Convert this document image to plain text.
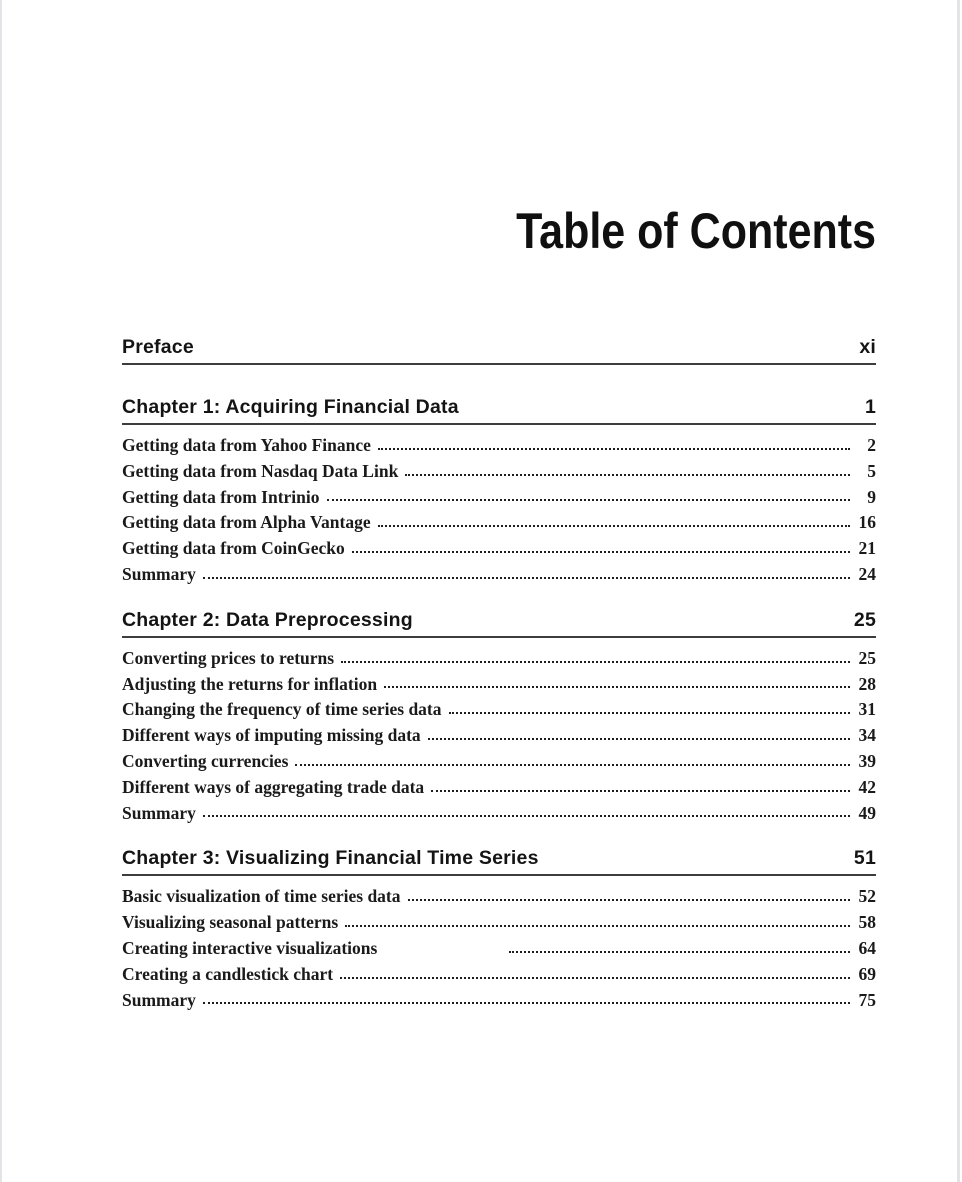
Table of Contents
Preface	xi
Chapter 1: Acquiring Financial Data	1
Getting data from Yahoo Finance	2
Getting data from Nasdaq Data Link	5
Getting data from Intrinio	9
Getting data from Alpha Vantage	16
Getting data from CoinGecko	21
Summary	24
Chapter 2: Data Preprocessing	25
Converting prices to returns	25
Adjusting the returns for inflation	28
Changing the frequency of time series data	31
Different ways of imputing missing data	34
Converting currencies	39
Different ways of aggregating trade data	42
Summary	49
Chapter 3: Visualizing Financial Time Series	51
Basic visualization of time series data	52
Visualizing seasonal patterns	58
Creating interactive visualizations	64
Creating a candlestick chart	69
Summary	75
